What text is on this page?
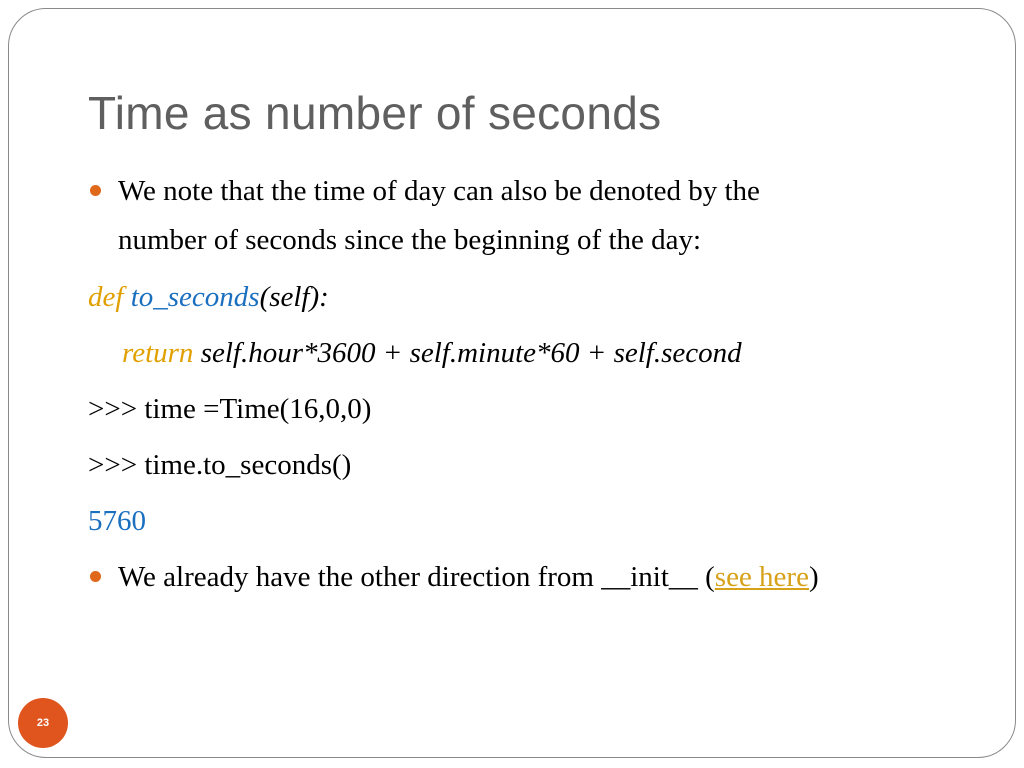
Time as number of seconds
We note that the time of day can also be denoted by the
number of seconds since the beginning of the day:
def to_seconds(self):
return self.hour*3600 + self.minute*60 + self.second
>>> time =Time(16,0,0)
>>> time.to_seconds()
5760
We already have the other direction from __init__ (see here)
23
